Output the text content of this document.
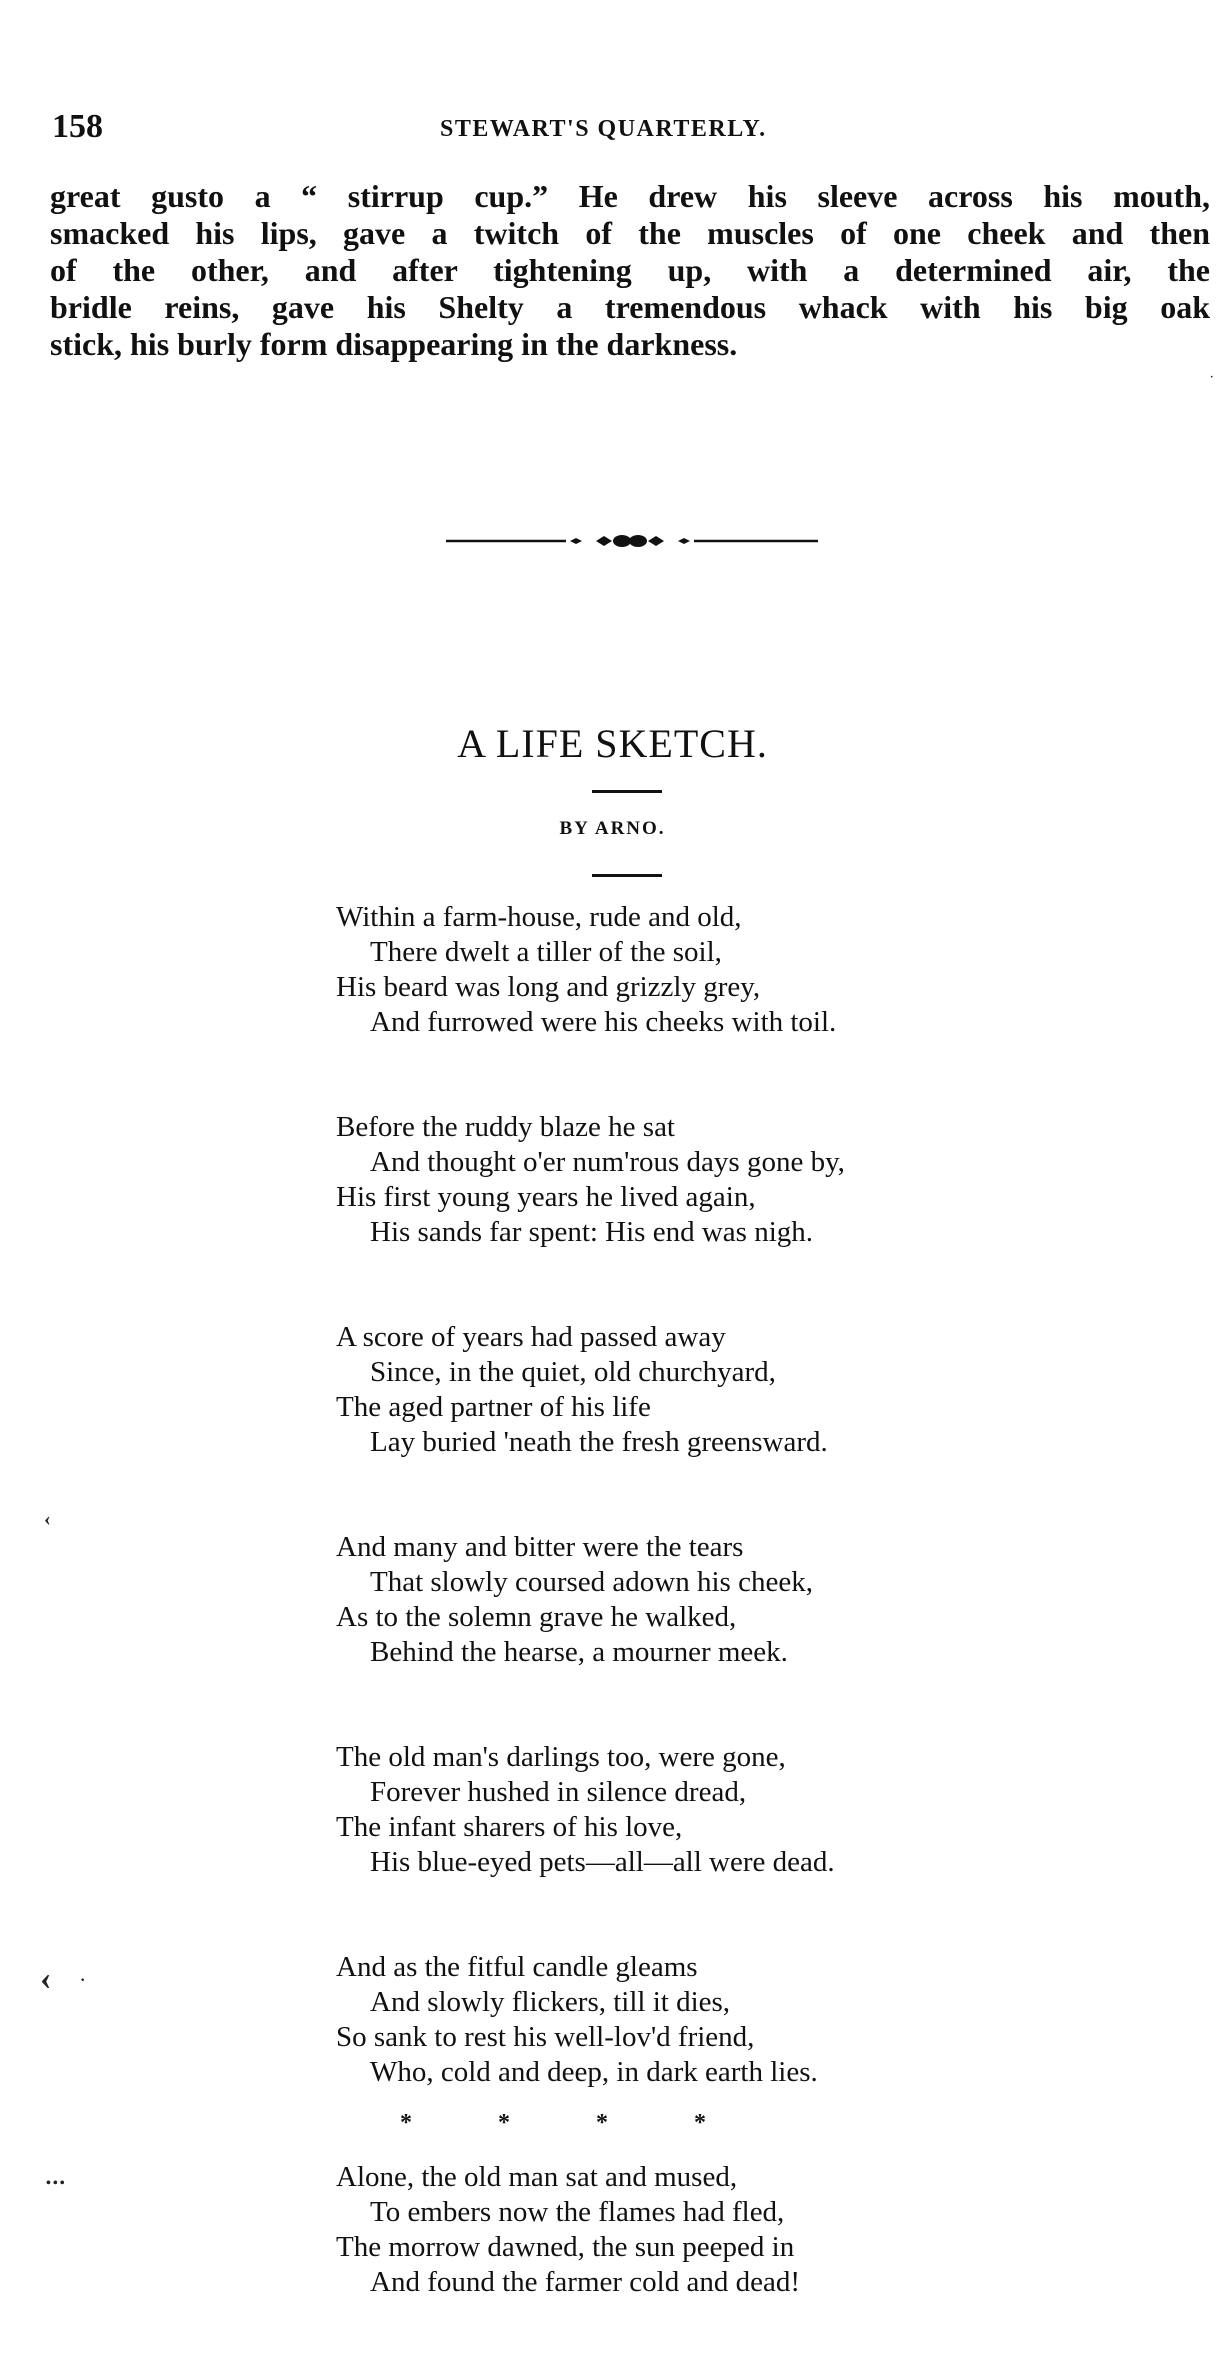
158	STEWART'S QUARTERLY.
great gusto a “ stirrup cup.” He drew his sleeve across his mouth,
smacked his lips, gave a twitch of the muscles of one cheek and then
of the other, and after tightening up, with a determined air, the
bridle reins, gave his Shelty a tremendous whack with his big oak
stick, his burly form disappearing in the darkness.
A LIFE SKETCH.
BY ARNO.
Within a farm-house, rude and old,
There dwelt a tiller of the soil,
His beard was long and grizzly grey,
And furrowed were his cheeks with toil.
Before the ruddy blaze he sat
And thought o'er num'rous days gone by,
His first young years he lived again,
His sands far spent: His end was nigh.
A score of years had passed away
Since, in the quiet, old churchyard,
The aged partner of his life
Lay buried 'neath the fresh greensward.
And many and bitter were the tears
That slowly coursed adown his cheek,
As to the solemn grave he walked,
Behind the hearse, a mourner meek.
The old man's darlings too, were gone,
Forever hushed in silence dread,
The infant sharers of his love,
His blue-eyed pets—all—all were dead.
And as the fitful candle gleams
And slowly flickers, till it dies,
So sank to rest his well-lov'd friend,
Who, cold and deep, in dark earth lies.
Alone, the old man sat and mused,
To embers now the flames had fled,
The morrow dawned, the sun peeped in
And found the farmer cold and dead!
* * * *
‹
‹ ·
•••
·
